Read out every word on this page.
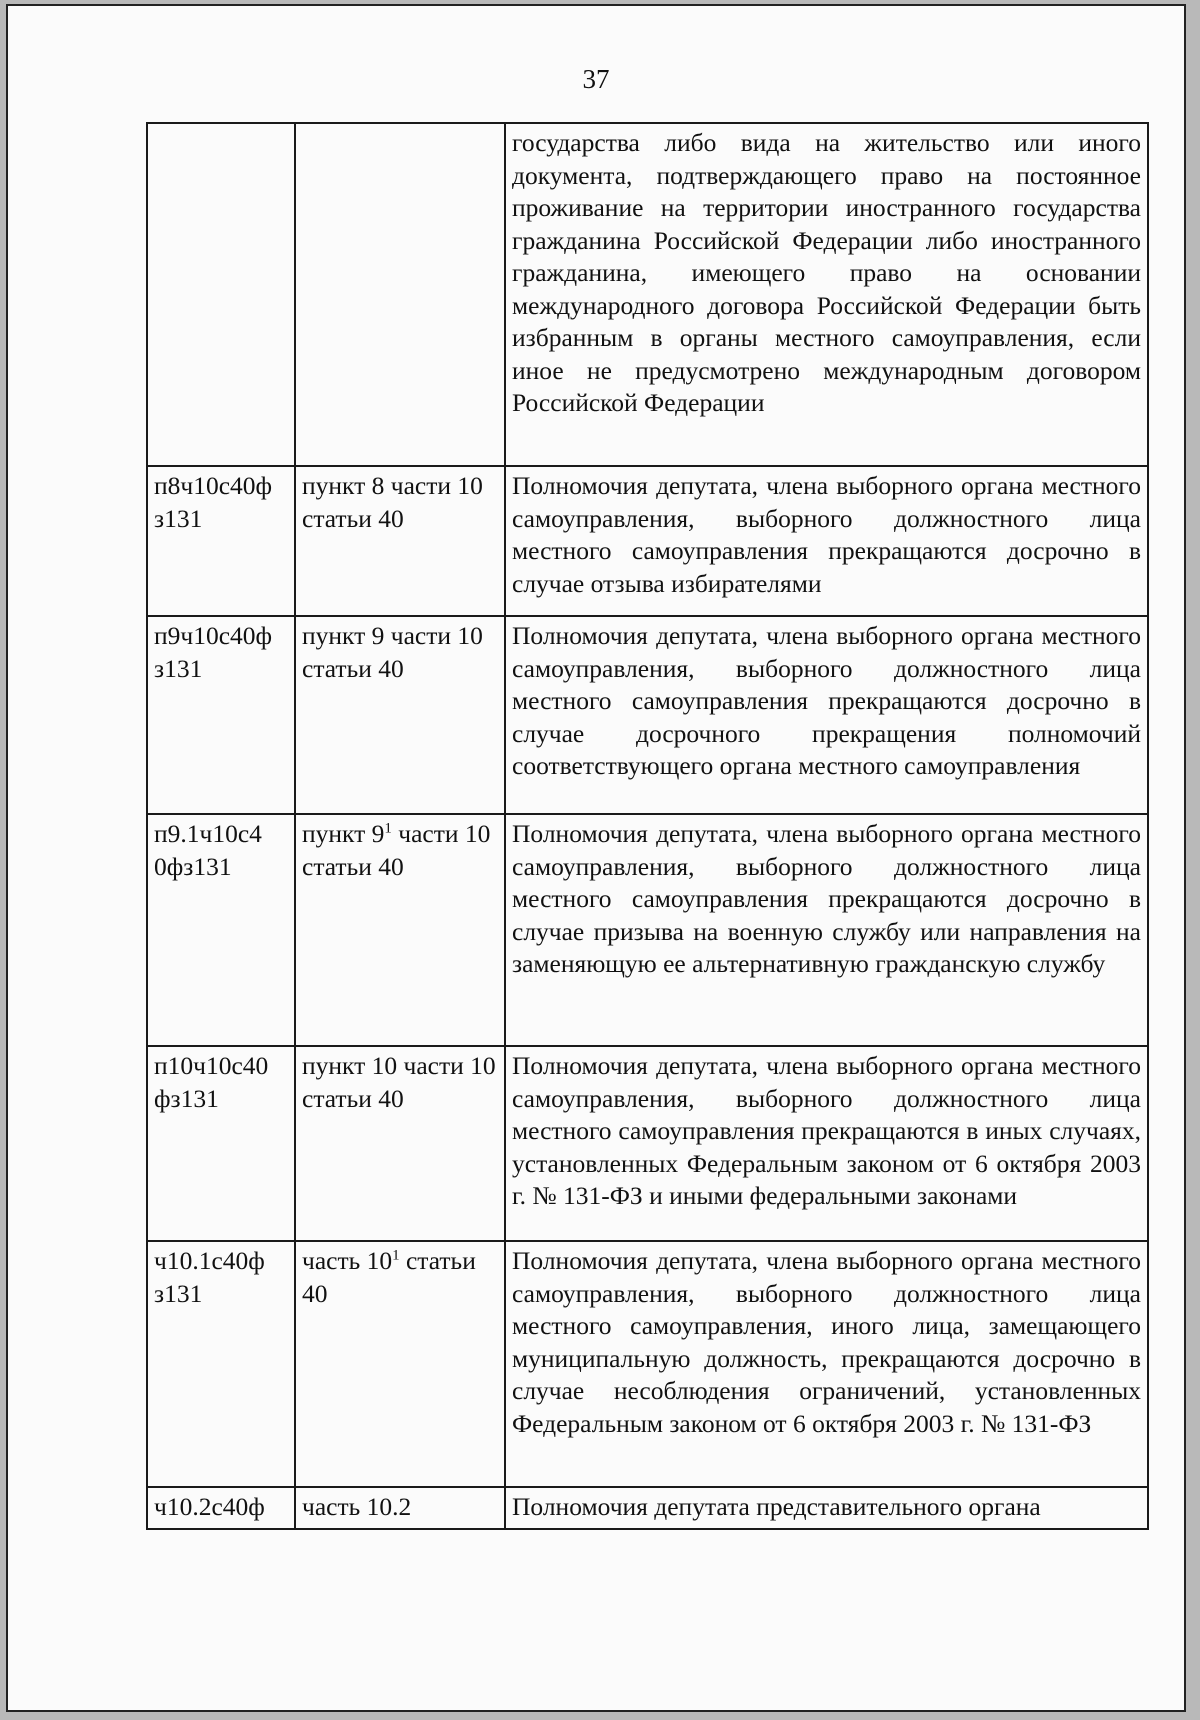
37
		государства либо вида на жительство или иного документа, подтверждающего право на постоянное проживание на территории иностранного государства гражданина Российской Федерации либо иностранного гражданина, имеющего право на основании международного договора Российской Федерации быть избранным в органы местного самоуправления, если иное не предусмотрено международным договором Российской Федерации
п8ч10с40ф з131	пункт 8 части 10 статьи 40	Полномочия депутата, члена выборного органа местного самоуправления, выборного должностного лица местного самоуправления прекращаются досрочно в случае отзыва избирателями
п9ч10с40ф з131	пункт 9 части 10 статьи 40	Полномочия депутата, члена выборного органа местного самоуправления, выборного должностного лица местного самоуправления прекращаются досрочно в случае досрочного прекращения полномочий соответствующего органа местного самоуправления
п9.1ч10с4 0фз131	пункт $9^1$ части 10 статьи 40	Полномочия депутата, члена выборного органа местного самоуправления, выборного должностного лица местного самоуправления прекращаются досрочно в случае призыва на военную службу или направления на заменяющую ее альтернативную гражданскую службу
п10ч10с40 фз131	пункт 10 части 10 статьи 40	Полномочия депутата, члена выборного органа местного самоуправления, выборного должностного лица местного самоуправления прекращаются в иных случаях, установленных Федеральным законом от 6 октября 2003 г. № 131-ФЗ и иными федеральными законами
ч10.1с40ф з131	часть $10^1$ статьи 40	Полномочия депутата, члена выборного органа местного самоуправления, выборного должностного лица местного самоуправления, иного лица, замещающего муниципальную должность, прекращаются досрочно в случае несоблюдения ограничений, установленных Федеральным законом от 6 октября 2003 г. № 131-ФЗ
ч10.2с40ф	часть 10.2	Полномочия депутата представительного органа
